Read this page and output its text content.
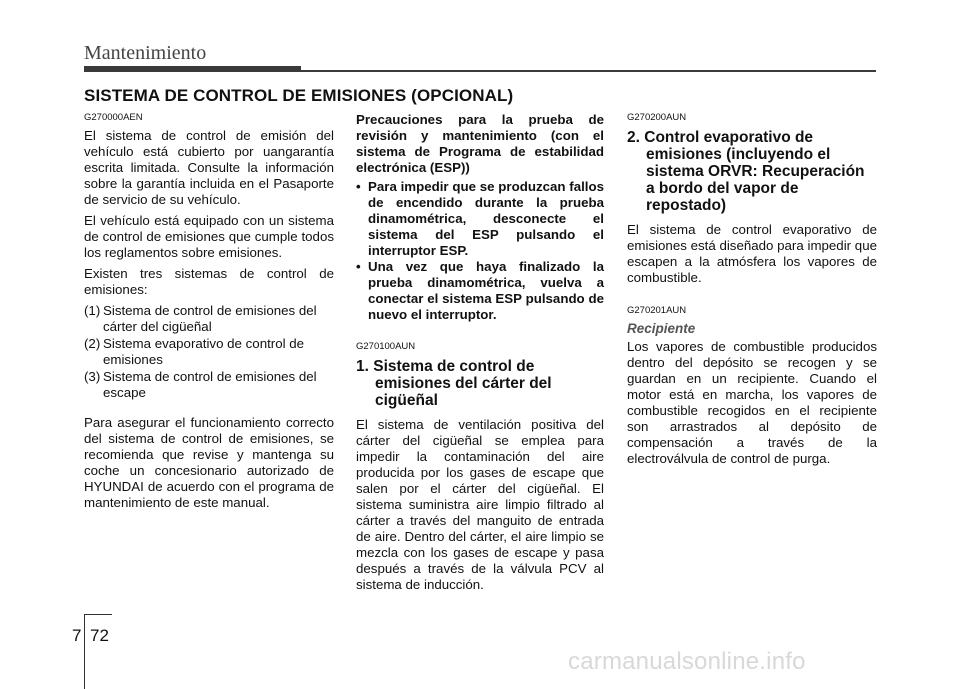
Mantenimiento
SISTEMA DE CONTROL DE EMISIONES (OPCIONAL)
G270000AEN

El sistema de control de emisión del vehículo está cubierto por uangarantía escrita limitada. Consulte la información sobre la garantía incluida en el Pasaporte de servicio de su vehículo.

El vehículo está equipado con un sistema de control de emisiones que cumple todos los reglamentos sobre emisiones.

Existen tres sistemas de control de emisiones:

(1) Sistema de control de emisiones del cárter del cigüeñal
(2) Sistema evaporativo de control de emisiones
(3) Sistema de control de emisiones del escape

Para asegurar el funcionamiento correcto del sistema de control de emisiones, se recomienda que revise y mantenga su coche un concesionario autorizado de HYUNDAI de acuerdo con el programa de mantenimiento de este manual.

Precauciones para la prueba de revisión y mantenimiento (con el sistema de Programa de estabilidad electrónica (ESP))

• Para impedir que se produzcan fallos de encendido durante la prueba dinamométrica, desconecte el sistema del ESP pulsando el interruptor ESP.
• Una vez que haya finalizado la prueba dinamométrica, vuelva a conectar el sistema ESP pulsando de nuevo el interruptor.
G270100AUN
1. Sistema de control de
emisiones del cárter del cigüeñal

El sistema de ventilación positiva del cárter del cigüeñal se emplea para impedir la contaminación del aire producida por los gases de escape que salen por el cárter del cigüeñal. El sistema suministra aire limpio filtrado al cárter a través del manguito de entrada de aire. Dentro del cárter, el aire limpio se mezcla con los gases de escape y pasa después a través de la válvula PCV al sistema de inducción.

G270200AUN
2. Control evaporativo de
emisiones (incluyendo el sistema ORVR: Recuperación a bordo del vapor de repostado)

El sistema de control evaporativo de emisiones está diseñado para impedir que escapen a la atmósfera los vapores de combustible.

G270201AUN
Recipiente

Los vapores de combustible producidos dentro del depósito se recogen y se guardan en un recipiente. Cuando el motor está en marcha, los vapores de combustible recogidos en el recipiente son arrastrados al depósito de compensación a través de la electroválvula de control de purga.

7 72
carmanualsonline.info
